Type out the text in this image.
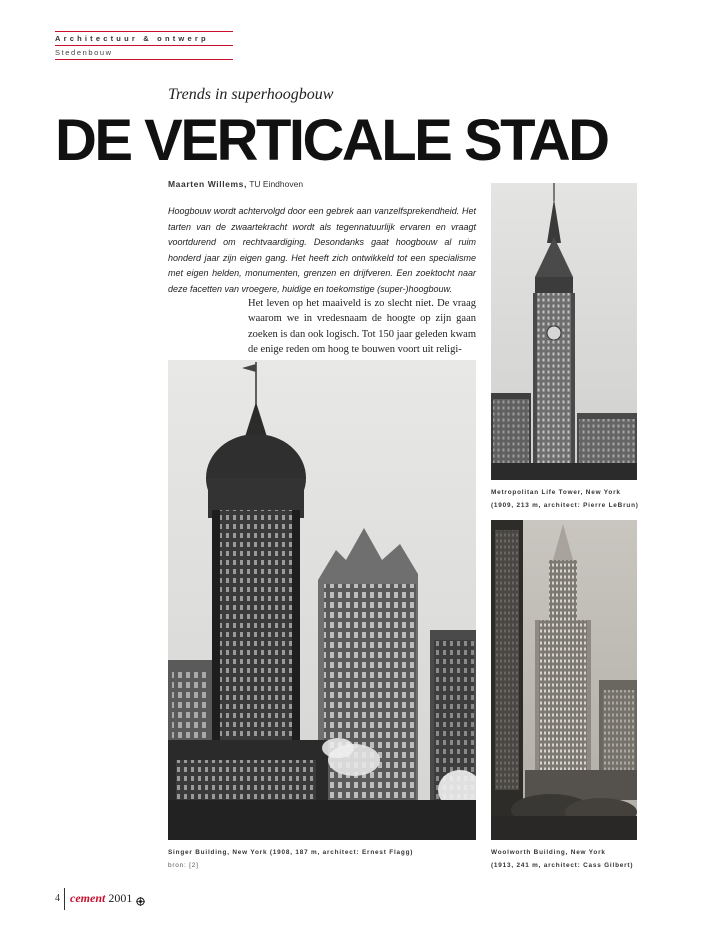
Architectuur & ontwerp
Stedenbouw
Trends in superhoogbouw
DE VERTICALE STAD
Maarten Willems, TU Eindhoven
Hoogbouw wordt achtervolgd door een gebrek aan vanzelfsprekendheid. Het tarten van de zwaartekracht wordt als tegennatuurlijk ervaren en vraagt voortdurend om rechtvaardiging. Desondanks gaat hoogbouw al ruim honderd jaar zijn eigen gang. Het heeft zich ontwikkeld tot een specialisme met eigen helden, monumenten, grenzen en drijfveren. Een zoektocht naar deze facetten van vroegere, huidige en toekomstige (super-)hoogbouw.

Het leven op het maaiveld is zo slecht niet. De vraag waarom we in vredesnaam de hoogte op zijn gaan zoeken is dan ook logisch. Tot 150 jaar geleden kwam de enige reden om hoog te bouwen voort uit religi-

Singer Building, New York (1908, 187 m, architect: Ernest Flagg)
bron: [2]
Metropolitan Life Tower, New York
(1909, 213 m, architect: Pierre LeBrun)
Woolworth Building, New York
(1913, 241 m, architect: Cass Gilbert)
4 cement 2001
